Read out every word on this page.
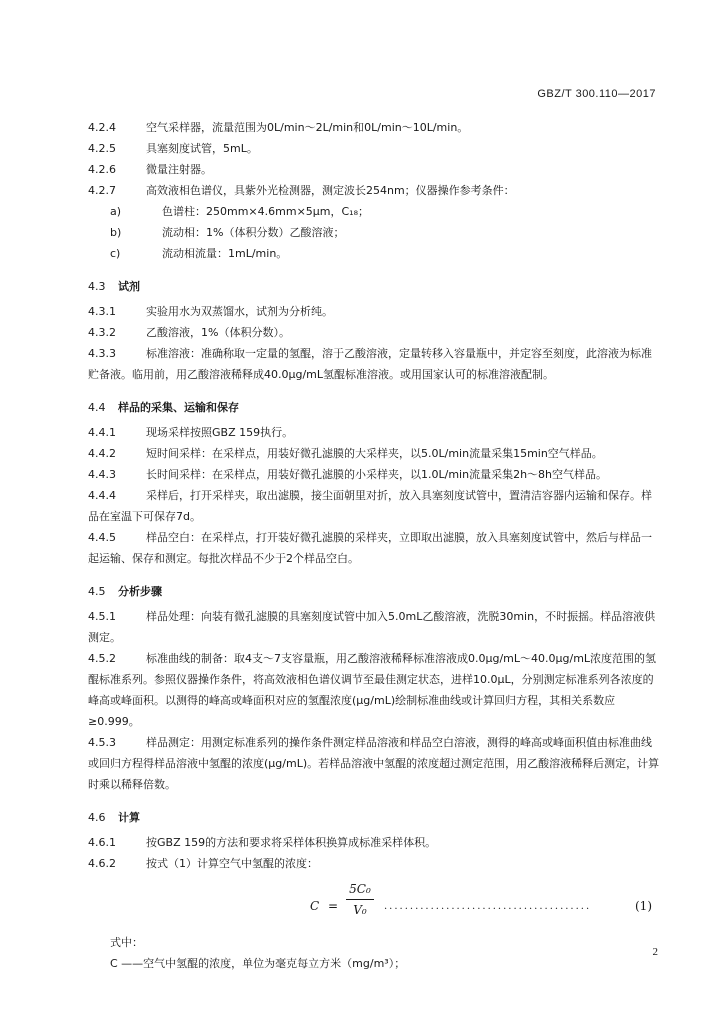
GBZ/T 300.110—2017
4.2.4	空气采样器，流量范围为0L/min～2L/min和0L/min～10L/min。
4.2.5	具塞刻度试管，5mL。
4.2.6	微量注射器。
4.2.7	高效液相色谱仪，具紫外光检测器，测定波长254nm；仪器操作参考条件：
a)	色谱柱：250mm×4.6mm×5μm，C₁₈；
b)	流动相：1%（体积分数）乙酸溶液；
c)	流动相流量：1mL/min。
4.3	试剂
4.3.1	实验用水为双蒸馏水，试剂为分析纯。
4.3.2	乙酸溶液，1%（体积分数）。
4.3.3	标准溶液：准确称取一定量的氢醌，溶于乙酸溶液，定量转移入容量瓶中，并定容至刻度，此溶液为标准贮备液。临用前，用乙酸溶液稀释成40.0μg/mL氢醌标准溶液。或用国家认可的标准溶液配制。
4.4	样品的采集、运输和保存
4.4.1	现场采样按照GBZ 159执行。
4.4.2	短时间采样：在采样点，用装好微孔滤膜的大采样夹，以5.0L/min流量采集15min空气样品。
4.4.3	长时间采样：在采样点，用装好微孔滤膜的小采样夹，以1.0L/min流量采集2h～8h空气样品。
4.4.4	采样后，打开采样夹，取出滤膜，接尘面朝里对折，放入具塞刻度试管中，置清洁容器内运输和保存。样品在室温下可保存7d。
4.4.5	样品空白：在采样点，打开装好微孔滤膜的采样夹，立即取出滤膜，放入具塞刻度试管中，然后与样品一起运输、保存和测定。每批次样品不少于2个样品空白。
4.5	分析步骤
4.5.1	样品处理：向装有微孔滤膜的具塞刻度试管中加入5.0mL乙酸溶液，洗脱30min，不时振摇。样品溶液供测定。
4.5.2	标准曲线的制备：取4支～7支容量瓶，用乙酸溶液稀释标准溶液成0.0μg/mL～40.0μg/mL浓度范围的氢醌标准系列。参照仪器操作条件，将高效液相色谱仪调节至最佳测定状态，进样10.0μL，分别测定标准系列各浓度的峰高或峰面积。以测得的峰高或峰面积对应的氢醌浓度(μg/mL)绘制标准曲线或计算回归方程，其相关系数应≥0.999。
4.5.3	样品测定：用测定标准系列的操作条件测定样品溶液和样品空白溶液，测得的峰高或峰面积值由标准曲线或回归方程得样品溶液中氢醌的浓度(μg/mL)。若样品溶液中氢醌的浓度超过测定范围，用乙酸溶液稀释后测定，计算时乘以稀释倍数。
4.6	计算
4.6.1	按GBZ 159的方法和要求将采样体积换算成标准采样体积。
4.6.2	按式（1）计算空气中氢醌的浓度：
C =
5C₀
V₀	........................................	(1)
式中：
C ——空气中氢醌的浓度，单位为毫克每立方米（mg/m³）；
2
